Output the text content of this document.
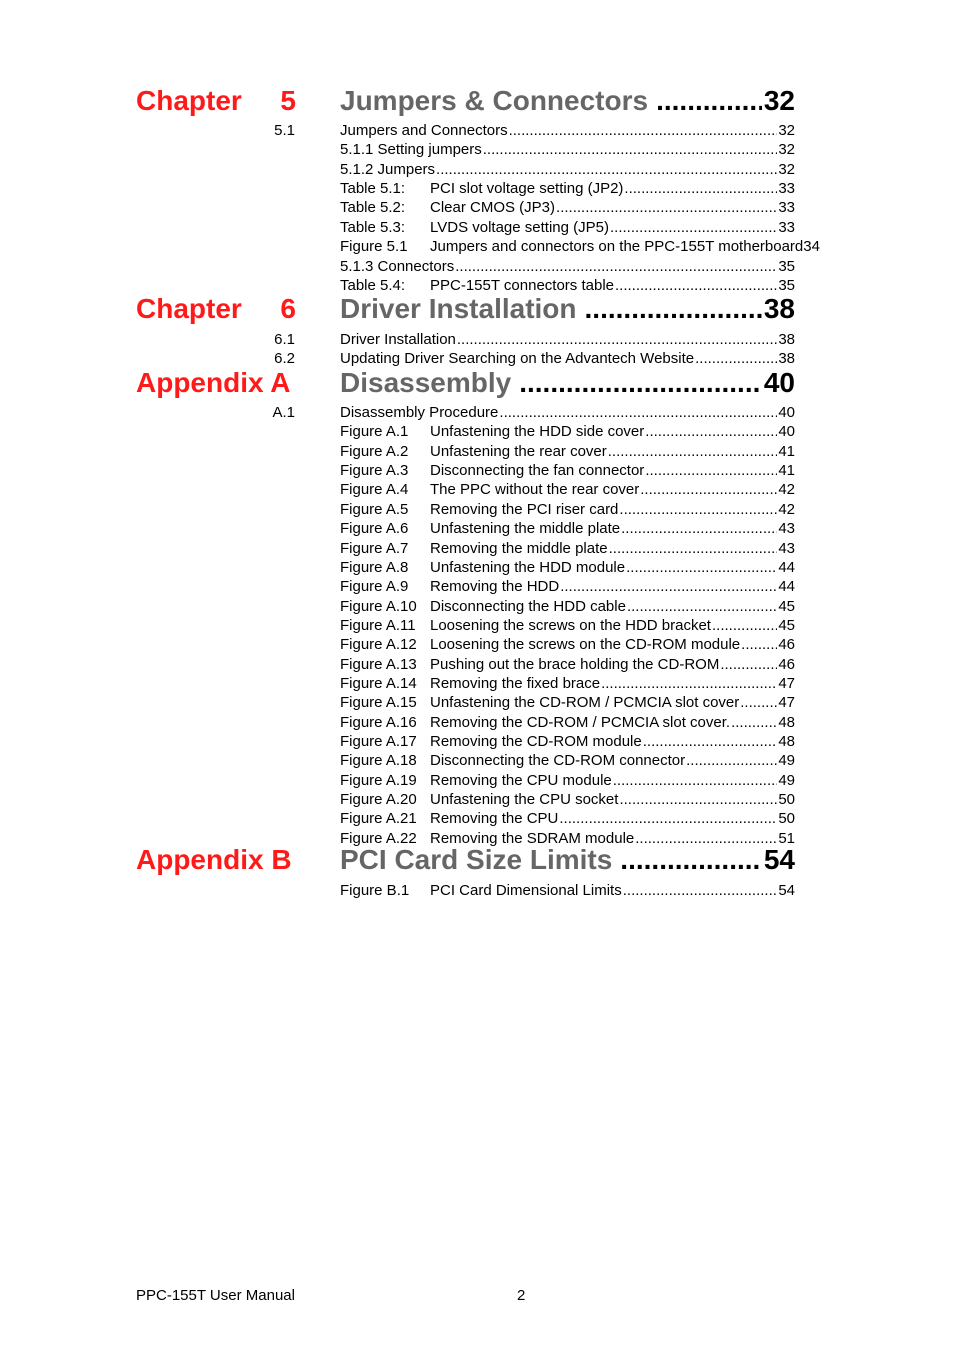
Chapter 5 Jumpers & Connectors .....	32
5.1	Jumpers and Connectors .....	32
5.1.1 Setting jumpers .....	32
5.1.2 Jumpers .....	32
Table 5.1:	PCI slot voltage setting (JP2) .....	33
Table 5.2:	Clear CMOS (JP3) .....	33
Table 5.3:	LVDS voltage setting (JP5) .....	33
Figure 5.1	Jumpers and connectors on the PPC-155T motherboard 34
5.1.3 Connectors .....	35
Table 5.4:	PPC-155T connectors table .....	35
Chapter 6 Driver Installation .....	38
6.1	Driver Installation .....	38
6.2	Updating Driver Searching on the Advantech Website .....	38
Appendix A Disassembly .....	40
A.1	Disassembly Procedure .....	40
Figure A.1	Unfastening the HDD side cover .....	40
Figure A.2	Unfastening the rear cover .....	41
Figure A.3	Disconnecting the fan connector .....	41
Figure A.4	The PPC without the rear cover .....	42
Figure A.5	Removing the PCI riser card .....	42
Figure A.6	Unfastening the middle plate .....	43
Figure A.7	Removing the middle plate .....	43
Figure A.8	Unfastening the HDD module .....	44
Figure A.9	Removing the HDD .....	44
Figure A.10 Disconnecting the HDD cable .....	45
Figure A.11 Loosening the screws on the HDD bracket .....	45
Figure A.12 Loosening the screws on the CD-ROM module .....	46
Figure A.13 Pushing out the brace holding the CD-ROM .....	46
Figure A.14 Removing the fixed brace .....	47
Figure A.15 Unfastening the CD-ROM / PCMCIA slot cover .....	47
Figure A.16 Removing the CD-ROM / PCMCIA slot cover. .....	48
Figure A.17 Removing the CD-ROM module .....	48
Figure A.18 Disconnecting the CD-ROM connector .....	49
Figure A.19 Removing the CPU module .....	49
Figure A.20 Unfastening the CPU socket .....	50
Figure A.21 Removing the CPU .....	50
Figure A.22 Removing the SDRAM module .....	51
Appendix B PCI Card Size Limits .....	54
Figure B.1	PCI Card Dimensional Limits .....	54
PPC-155T User Manual	2
